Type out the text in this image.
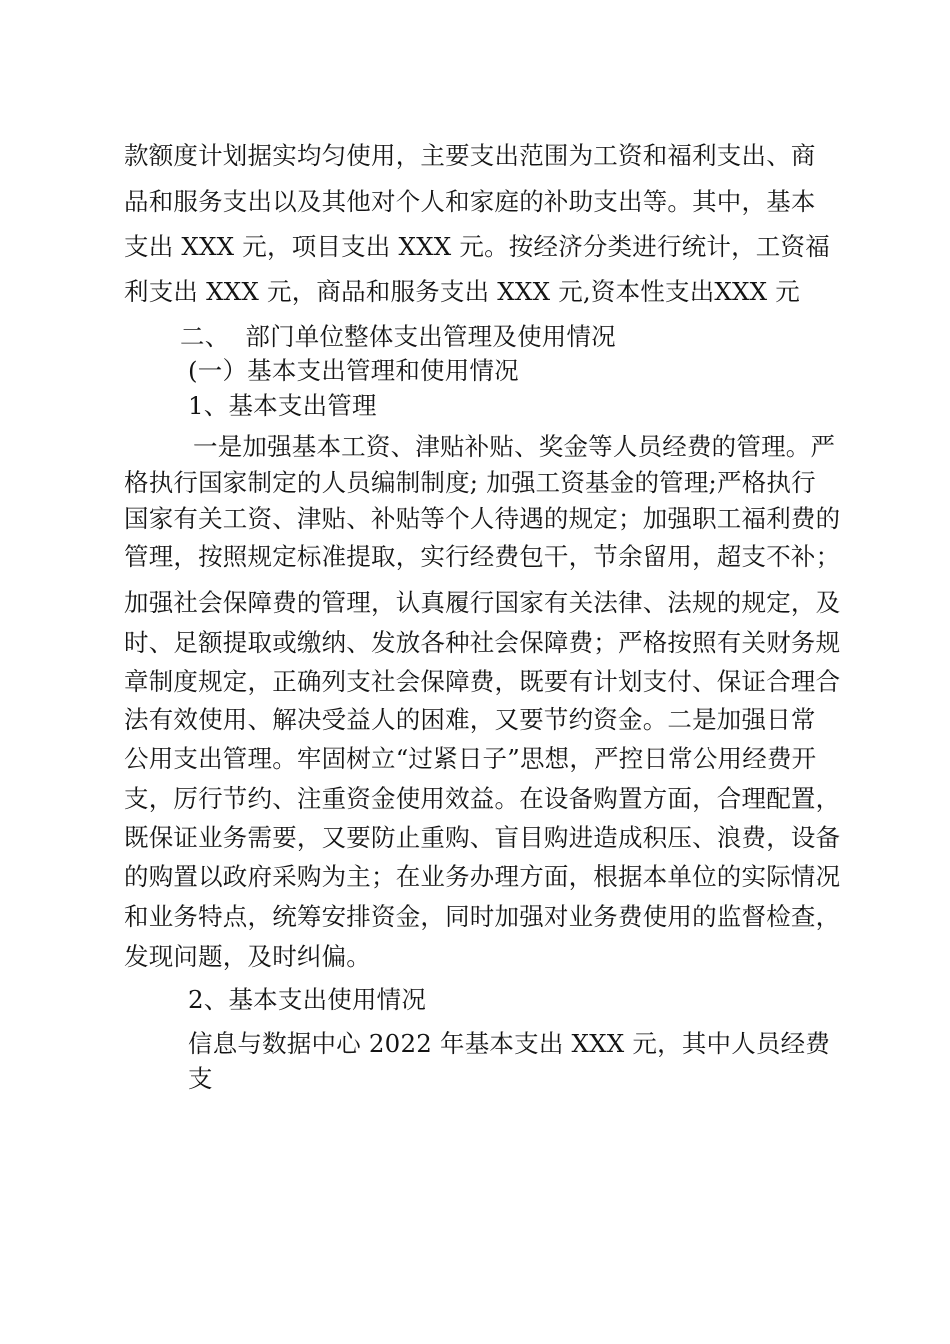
款额度计划据实均匀使用，主要支出范围为工资和福利支出、商
品和服务支出以及其他对个人和家庭的补助支出等。其中，基本
支出 XXX 元，项目支出 XXX 元。按经济分类进行统计，工资福
利支出 XXX 元，商品和服务支出 XXX 元,资本性支出XXX 元
二、  部门单位整体支出管理及使用情况
(一）基本支出管理和使用情况
1、基本支出管理
一是加强基本工资、津贴补贴、奖金等人员经费的管理。严
格执行国家制定的人员编制制度; 加强工资基金的管理;严格执行
国家有关工资、津贴、补贴等个人待遇的规定；加强职工福利费的
管理，按照规定标准提取，实行经费包干，节余留用，超支不补；
加强社会保障费的管理，认真履行国家有关法律、法规的规定，及
时、足额提取或缴纳、发放各种社会保障费；严格按照有关财务规
章制度规定，正确列支社会保障费，既要有计划支付、保证合理合
法有效使用、解决受益人的困难，又要节约资金。二是加强日常
公用支出管理。牢固树立“过紧日子”思想，严控日常公用经费开
支，厉行节约、注重资金使用效益。在设备购置方面，合理配置，
既保证业务需要，又要防止重购、盲目购进造成积压、浪费，设备
的购置以政府采购为主；在业务办理方面，根据本单位的实际情况
和业务特点，统筹安排资金，同时加强对业务费使用的监督检查，
发现问题，及时纠偏。
2、基本支出使用情况
信息与数据中心 2022 年基本支出 XXX 元，其中人员经费
支
